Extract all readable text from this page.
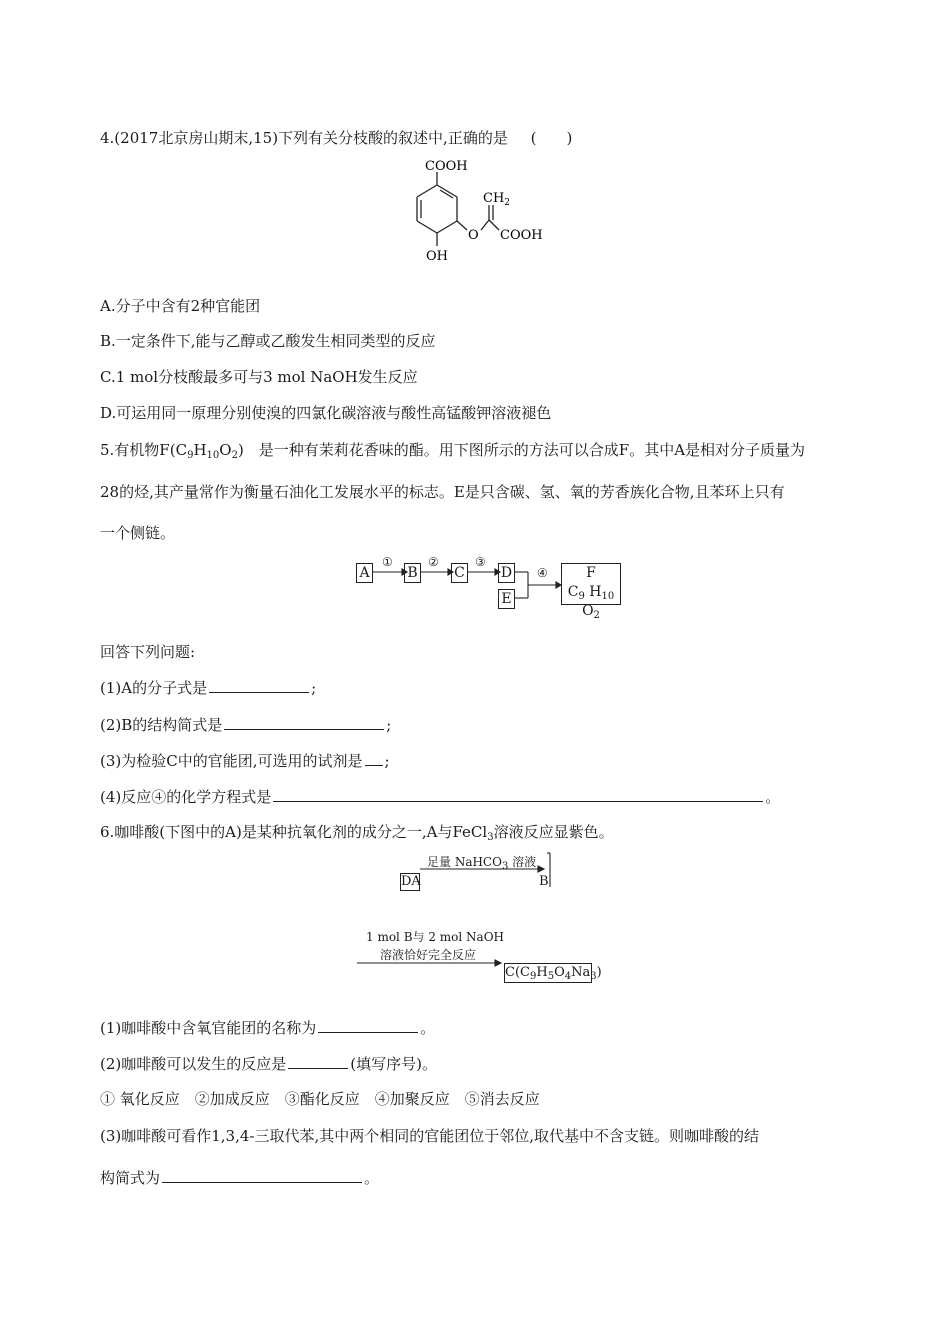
4.(2017北京房山期末,15)下列有关分枝酸的叙述中,正确的是 (　　)
COOH
$CH_2$
O COOH
OH
A.分子中含有2种官能团
B.一定条件下,能与乙醇或乙酸发生相同类型的反应
C.1 mol分枝酸最多可与3 mol NaOH发生反应
D.可运用同一原理分别使溴的四氯化碳溶液与酸性高锰酸钾溶液褪色
5.有机物$F(C_9H_{10}O_2)$　是一种有茉莉花香味的酯。用下图所示的方法可以合成F。其中A是相对分子质量为
28的烃,其产量常作为衡量石油化工发展水平的标志。E是只含碳、氢、氧的芳香族化合物,且苯环上只有
一个侧链。
A	B	C	D
E
F
$C_9$ $H_{10}$ $O_2$
①	②	③
④
回答下列问题:
(1)A的分子式是	;
(2)B的结构简式是	;
(3)为检验C中的官能团,可选用的试剂是 ;
(4)反应④的化学方程式是	。
6.咖啡酸(下图中的A)是某种抗氧化剂的成分之一,A与FeCl$_3$溶液反应显紫色。
足量 NaHCO$_3$ 溶液
DA	B
1 mol B与 2 mol NaOH
溶液恰好完全反应
$C(C_9H_5O_4Na_3)$
(1)咖啡酸中含氧官能团的名称为	。
(2)咖啡酸可以发生的反应是	(填写序号)。
① 氧化反应　②加成反应　③酯化反应　④加聚反应　⑤消去反应
(3)咖啡酸可看作1,3,4-三取代苯,其中两个相同的官能团位于邻位,取代基中不含支链。则咖啡酸的结
构简式为	。
